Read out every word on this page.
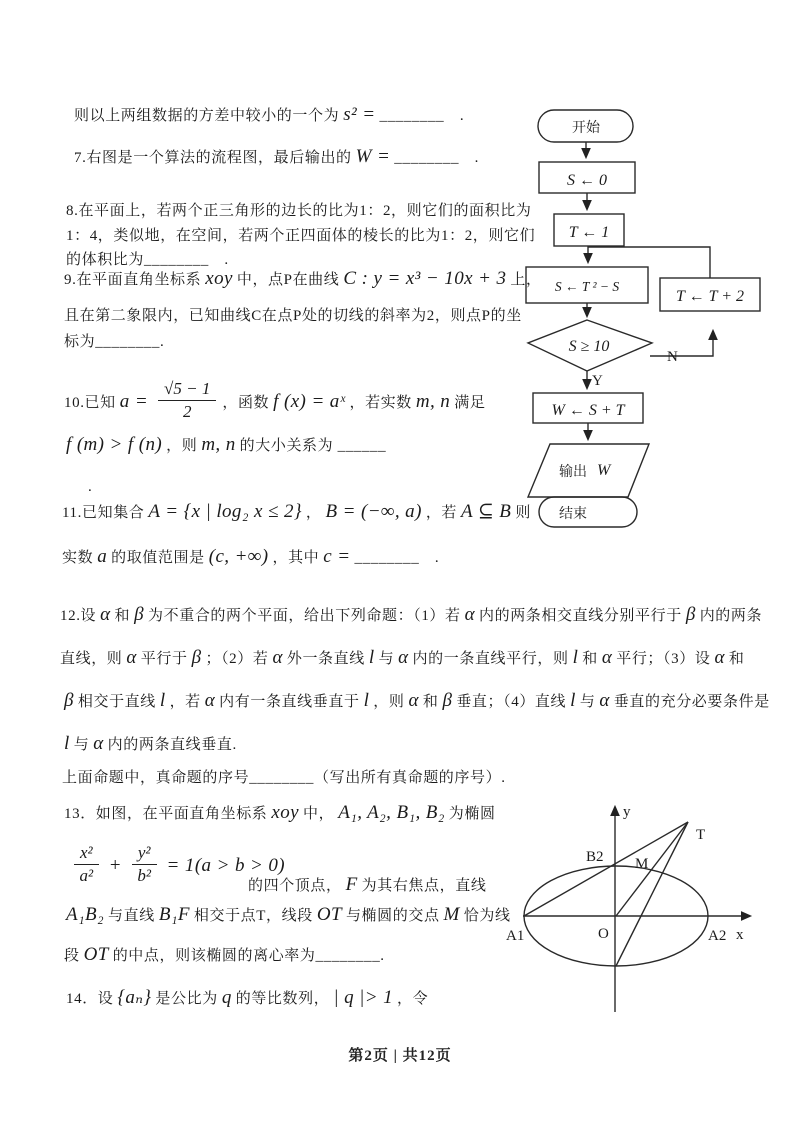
则以上两组数据的方差中较小的一个为 s² = ________　.
7.右图是一个算法的流程图，最后输出的 W = ________　.
8.在平面上，若两个正三角形的边长的比为1：2，则它们的面积比为
1：4，类似地，在空间，若两个正四面体的棱长的比为1：2，则它们
的体积比为________　.
9.在平面直角坐标系 xoy 中，点P在曲线 C : y = x³ − 10x + 3 上，
且在第二象限内，已知曲线C在点P处的切线的斜率为2，则点P的坐
标为________.
10.已知 $a = \frac{√5 - 1}{2}$ ，函数 f (x) = aˣ ，若实数 m, n 满足
f (m) > f (n) ，则 m, n 的大小关系为 ______
.
11.已知集合 A = {x | log₂ x ≤ 2} ， B = (−∞, a) ，若 A ⊆ B 则
实数 a 的取值范围是 (c, +∞) ，其中 c = ________　.
12.设 α 和 β 为不重合的两个平面，给出下列命题：（1）若 α 内的两条相交直线分别平行于 β 内的两条
直线，则 α 平行于 β ；（2）若 α 外一条直线 l 与 α 内的一条直线平行，则 l 和 α 平行；（3）设 α 和
β 相交于直线 l ，若 α 内有一条直线垂直于 l ，则 α 和 β 垂直；（4）直线 l 与 α 垂直的充分必要条件是
l 与 α 内的两条直线垂直.
上面命题中，真命题的序号________（写出所有真命题的序号）.
13．如图，在平面直角坐标系 xoy 中， A₁, A₂, B₁, B₂ 为椭圆
$\frac{\text{x²}}{\text{a²}} + \frac{\text{y²}}{\text{b²}} = 1(a > b > 0)$
的四个顶点， F 为其右焦点，直线
A₁B₂ 与直线 B₁F 相交于点T，线段 OT 与椭圆的交点 M 恰为线
段 OT 的中点，则该椭圆的离心率为________.
14．设 {aₙ} 是公比为 q 的等比数列， | q |> 1 ，令
第2页 | 共12页
开始
S ← 0
T ← 1
S ← T ² − S
T ← T + 2
S ≥ 10
Y
N
W ← S + T
输出 W
结束
y
T
B2 M
A1	O	A2 x
